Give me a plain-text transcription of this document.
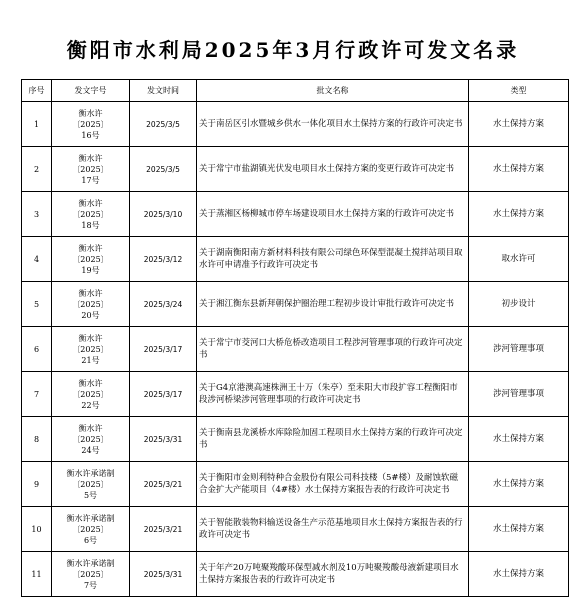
衡阳市水利局2025年3月行政许可发文名录
序号	发文字号	发文时间	批文名称	类型
1	衡水许
〔2025〕
16号	2025/3/5	关于南岳区引水暨城乡供水一体化项目水土保持方案的行政许可决定书	水土保持方案
2	衡水许
〔2025〕
17号	2025/3/5	关于常宁市盐湖镇光伏发电项目水土保持方案的变更行政许可决定书	水土保持方案
3	衡水许
〔2025〕
18号	2025/3/10	关于蒸湘区杨柳城市停车场建设项目水土保持方案的行政许可决定书	水土保持方案
4	衡水许
〔2025〕
19号	2025/3/12	关于湖南衡阳南方新材料科技有限公司绿色环保型混凝土搅拌站项目取水许可申请准予行政许可决定书	取水许可
5	衡水许
〔2025〕
20号	2025/3/24	关于湘江衡东县新拜朝保护圈治理工程初步设计审批行政许可决定书	初步设计
6	衡水许
〔2025〕
21号	2025/3/17	关于常宁市茭河口大桥危桥改造项目工程涉河管理事项的行政许可决定书	涉河管理事项
7	衡水许
〔2025〕
22号	2025/3/17	关于G4京港澳高速株洲王十万（朱亭）至耒阳大市段扩容工程衡阳市段涉河桥梁涉河管理事项的行政许可决定书	涉河管理事项
8	衡水许
〔2025〕
24号	2025/3/31	关于衡南县龙溪桥水库除险加固工程项目水土保持方案的行政许可决定书	水土保持方案
9	衡水许承诺制
〔2025〕
5号	2025/3/21	关于衡阳市金则利特种合金股份有限公司科技楼（5#楼）及耐蚀软磁合金扩大产能项目（4#楼）水土保持方案报告表的行政许可决定书	水土保持方案
10	衡水许承诺制
〔2025〕
6号	2025/3/21	关于智能散装物料输送设备生产示范基地项目水土保持方案报告表的行政许可决定书	水土保持方案
11	衡水许承诺制
〔2025〕
7号	2025/3/31	关于年产20万吨聚羧酸环保型减水剂及10万吨聚羧酸母液新建项目水土保持方案报告表的行政许可决定书	水土保持方案
